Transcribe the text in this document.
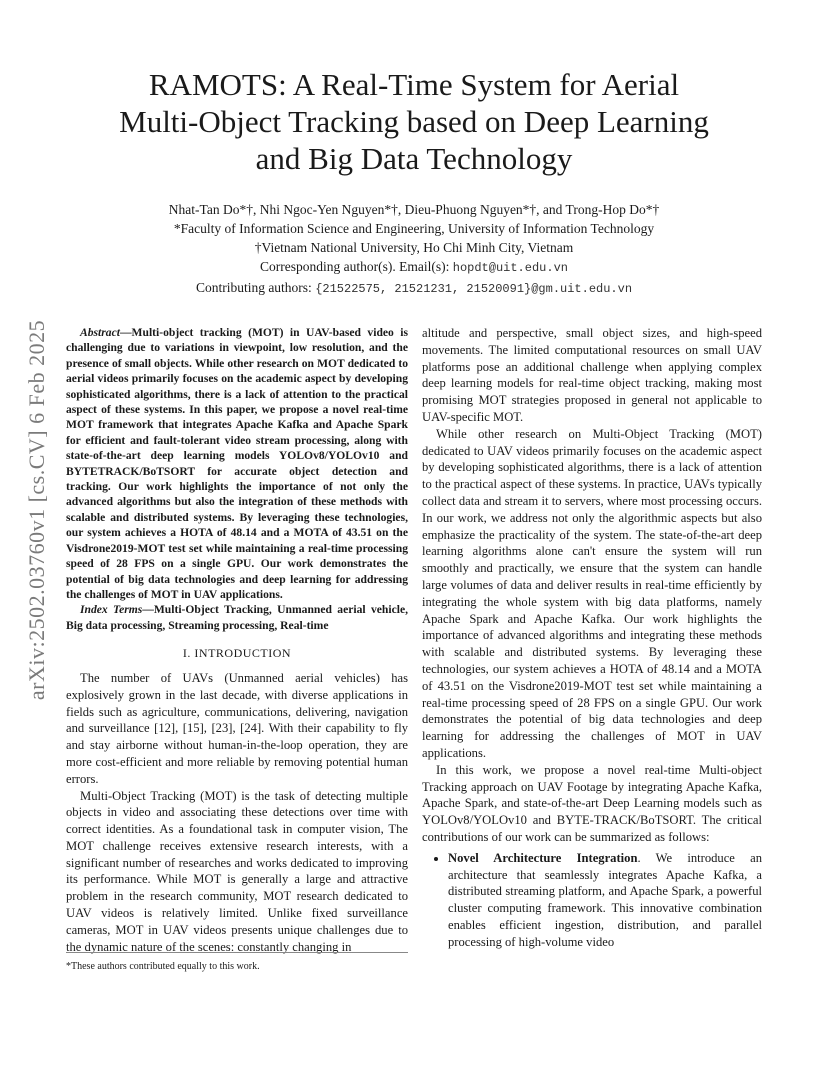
arXiv:2502.03760v1 [cs.CV] 6 Feb 2025
RAMOTS: A Real-Time System for Aerial
Multi-Object Tracking based on Deep Learning
and Big Data Technology
Nhat-Tan Do*†, Nhi Ngoc-Yen Nguyen*†, Dieu-Phuong Nguyen*†, and Trong-Hop Do*†
*Faculty of Information Science and Engineering, University of Information Technology
†Vietnam National University, Ho Chi Minh City, Vietnam
Corresponding author(s). Email(s): hopdt@uit.edu.vn
Contributing authors: {21522575, 21521231, 21520091}@gm.uit.edu.vn

Abstract—Multi-object tracking (MOT) in UAV-based video is challenging due to variations in viewpoint, low resolution, and the presence of small objects. While other research on MOT dedicated to aerial videos primarily focuses on the academic aspect by developing sophisticated algorithms, there is a lack of attention to the practical aspect of these systems. In this paper, we propose a novel real-time MOT framework that integrates Apache Kafka and Apache Spark for efficient and fault-tolerant video stream processing, along with state-of-the-art deep learning models YOLOv8/YOLOv10 and BYTETRACK/BoTSORT for accurate object detection and tracking. Our work highlights the importance of not only the advanced algorithms but also the integration of these methods with scalable and distributed systems. By leveraging these technologies, our system achieves a HOTA of 48.14 and a MOTA of 43.51 on the Visdrone2019-MOT test set while maintaining a real-time processing speed of 28 FPS on a single GPU. Our work demonstrates the potential of big data technologies and deep learning for addressing the challenges of MOT in UAV applications.

Index Terms—Multi-Object Tracking, Unmanned aerial vehicle, Big data processing, Streaming processing, Real-time

I. INTRODUCTION

The number of UAVs (Unmanned aerial vehicles) has explosively grown in the last decade, with diverse applications in fields such as agriculture, communications, delivering, navigation and surveillance [12], [15], [23], [24]. With their capability to fly and stay airborne without human-in-the-loop operation, they are more cost-efficient and more reliable by removing potential human errors.

Multi-Object Tracking (MOT) is the task of detecting multiple objects in video and associating these detections over time with correct identities. As a foundational task in computer vision, The MOT challenge receives extensive research interests, with a significant number of researches and works dedicated to improving its performance. While MOT is generally a large and attractive problem in the research community, MOT research dedicated to UAV videos is relatively limited. Unlike fixed surveillance cameras, MOT in UAV videos presents unique challenges due to the dynamic nature of the scenes: constantly changing in

altitude and perspective, small object sizes, and high-speed movements. The limited computational resources on small UAV platforms pose an additional challenge when applying complex deep learning models for real-time object tracking, making most promising MOT strategies proposed in general not applicable to UAV-specific MOT.

While other research on Multi-Object Tracking (MOT) dedicated to UAV videos primarily focuses on the academic aspect by developing sophisticated algorithms, there is a lack of attention to the practical aspect of these systems. In practice, UAVs typically collect data and stream it to servers, where most processing occurs. In our work, we address not only the algorithmic aspects but also emphasize the practicality of the system. The state-of-the-art deep learning algorithms alone can't ensure the system will run smoothly and practically, we ensure that the system can handle large volumes of data and deliver results in real-time efficiently by integrating the whole system with big data platforms, namely Apache Spark and Apache Kafka. Our work highlights the importance of advanced algorithms and integrating these methods with scalable and distributed systems. By leveraging these technologies, our system achieves a HOTA of 48.14 and a MOTA of 43.51 on the Visdrone2019-MOT test set while maintaining a real-time processing speed of 28 FPS on a single GPU. Our work demonstrates the potential of big data technologies and deep learning for addressing the challenges of MOT in UAV applications.

In this work, we propose a novel real-time Multi-object Tracking approach on UAV Footage by integrating Apache Kafka, Apache Spark, and state-of-the-art Deep Learning models such as YOLOv8/YOLOv10 and BYTE-TRACK/BoTSORT. The critical contributions of our work can be summarized as follows:

• Novel Architecture Integration. We introduce an architecture that seamlessly integrates Apache Kafka, a distributed streaming platform, and Apache Spark, a powerful cluster computing framework. This innovative combination enables efficient ingestion, distribution, and parallel processing of high-volume video
*These authors contributed equally to this work.
